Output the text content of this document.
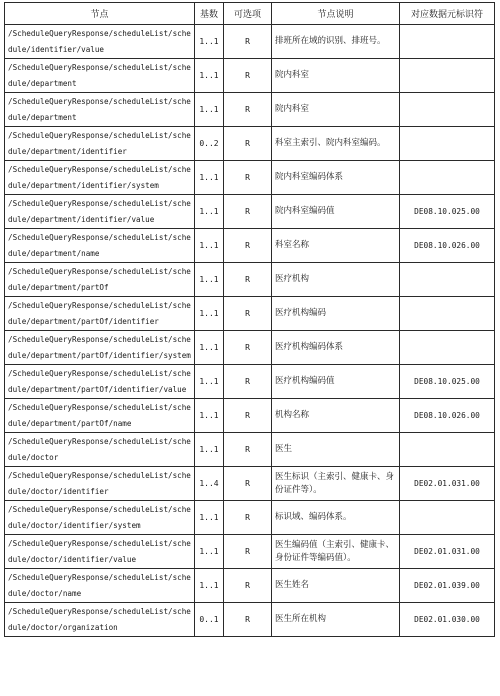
节点	基数	可选项	节点说明	对应数据元标识符
/ScheduleQueryResponse/scheduleList/schedule/identifier/value	1..1	R	排班所在域的识别、排班号。	
/ScheduleQueryResponse/scheduleList/schedule/department	1..1	R	院内科室	
/ScheduleQueryResponse/scheduleList/schedule/department	1..1	R	院内科室	
/ScheduleQueryResponse/scheduleList/schedule/department/identifier	0..2	R	科室主索引、院内科室编码。	
/ScheduleQueryResponse/scheduleList/schedule/department/identifier/system	1..1	R	院内科室编码体系	
/ScheduleQueryResponse/scheduleList/schedule/department/identifier/value	1..1	R	院内科室编码值	DE08.10.025.00
/ScheduleQueryResponse/scheduleList/schedule/department/name	1..1	R	科室名称	DE08.10.026.00
/ScheduleQueryResponse/scheduleList/schedule/department/partOf	1..1	R	医疗机构	
/ScheduleQueryResponse/scheduleList/schedule/department/partOf/identifier	1..1	R	医疗机构编码	
/ScheduleQueryResponse/scheduleList/schedule/department/partOf/identifier/system	1..1	R	医疗机构编码体系	
/ScheduleQueryResponse/scheduleList/schedule/department/partOf/identifier/value	1..1	R	医疗机构编码值	DE08.10.025.00
/ScheduleQueryResponse/scheduleList/schedule/department/partOf/name	1..1	R	机构名称	DE08.10.026.00
/ScheduleQueryResponse/scheduleList/schedule/doctor	1..1	R	医生	
/ScheduleQueryResponse/scheduleList/schedule/doctor/identifier	1..4	R	医生标识（主索引、健康卡、身份证件等）。	DE02.01.031.00
/ScheduleQueryResponse/scheduleList/schedule/doctor/identifier/system	1..1	R	标识域、编码体系。	
/ScheduleQueryResponse/scheduleList/schedule/doctor/identifier/value	1..1	R	医生编码值（主索引、健康卡、身份证件等编码值）。	DE02.01.031.00
/ScheduleQueryResponse/scheduleList/schedule/doctor/name	1..1	R	医生姓名	DE02.01.039.00
/ScheduleQueryResponse/scheduleList/schedule/doctor/organization	0..1	R	医生所在机构	DE02.01.030.00
